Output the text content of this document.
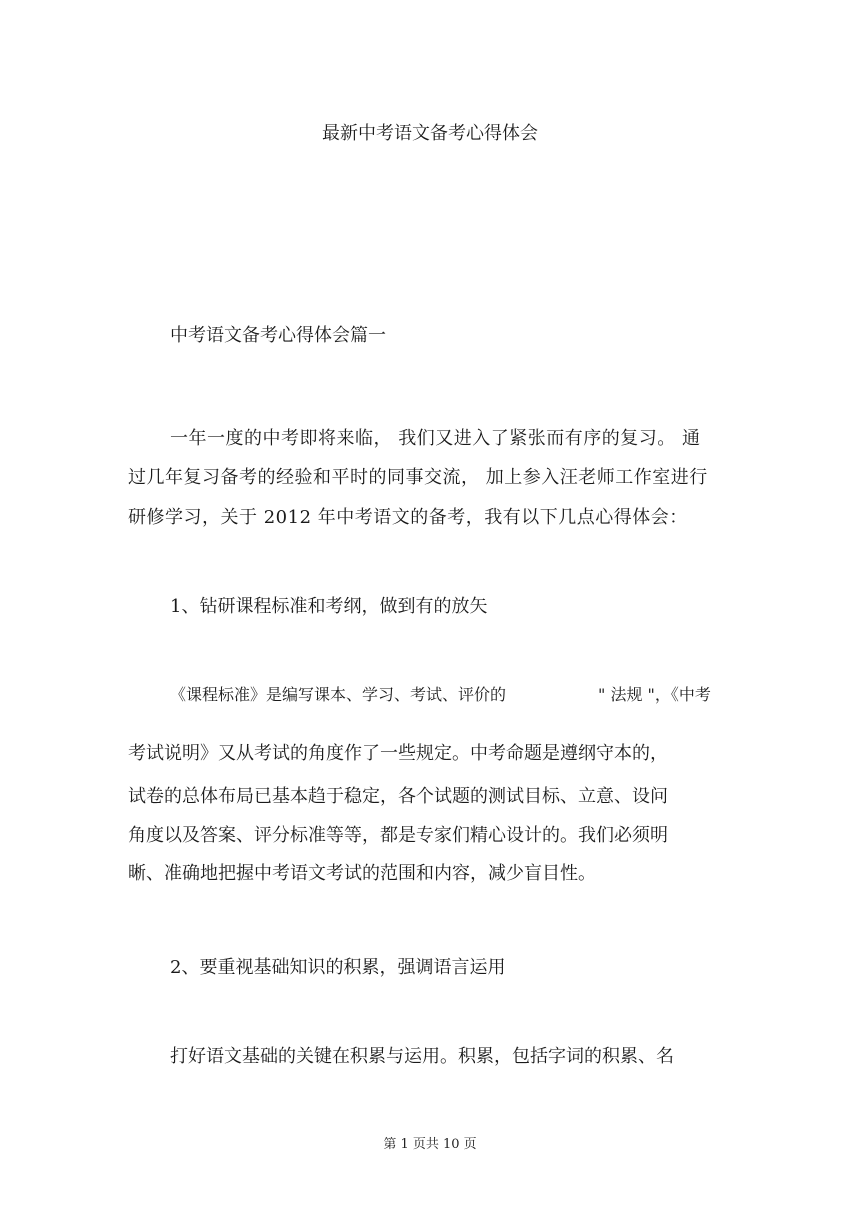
最新中考语文备考心得体会
中考语文备考心得体会篇一
一年一度的中考即将来临， 我们又进入了紧张而有序的复习。 通
过几年复习备考的经验和平时的同事交流， 加上参入汪老师工作室进行
研修学习，关于 2012 年中考语文的备考，我有以下几点心得体会：
1、钻研课程标准和考纲，做到有的放矢
《课程标准》是编写课本、学习、考试、评价的	" 法规 "，《中考
考试说明》又从考试的角度作了一些规定。中考命题是遵纲守本的，
试卷的总体布局已基本趋于稳定，各个试题的测试目标、立意、设问
角度以及答案、评分标准等等，都是专家们精心设计的。我们必须明
晰、准确地把握中考语文考试的范围和内容，减少盲目性。
2、要重视基础知识的积累，强调语言运用
打好语文基础的关键在积累与运用。积累，包括字词的积累、名
第 1 页共 10 页
